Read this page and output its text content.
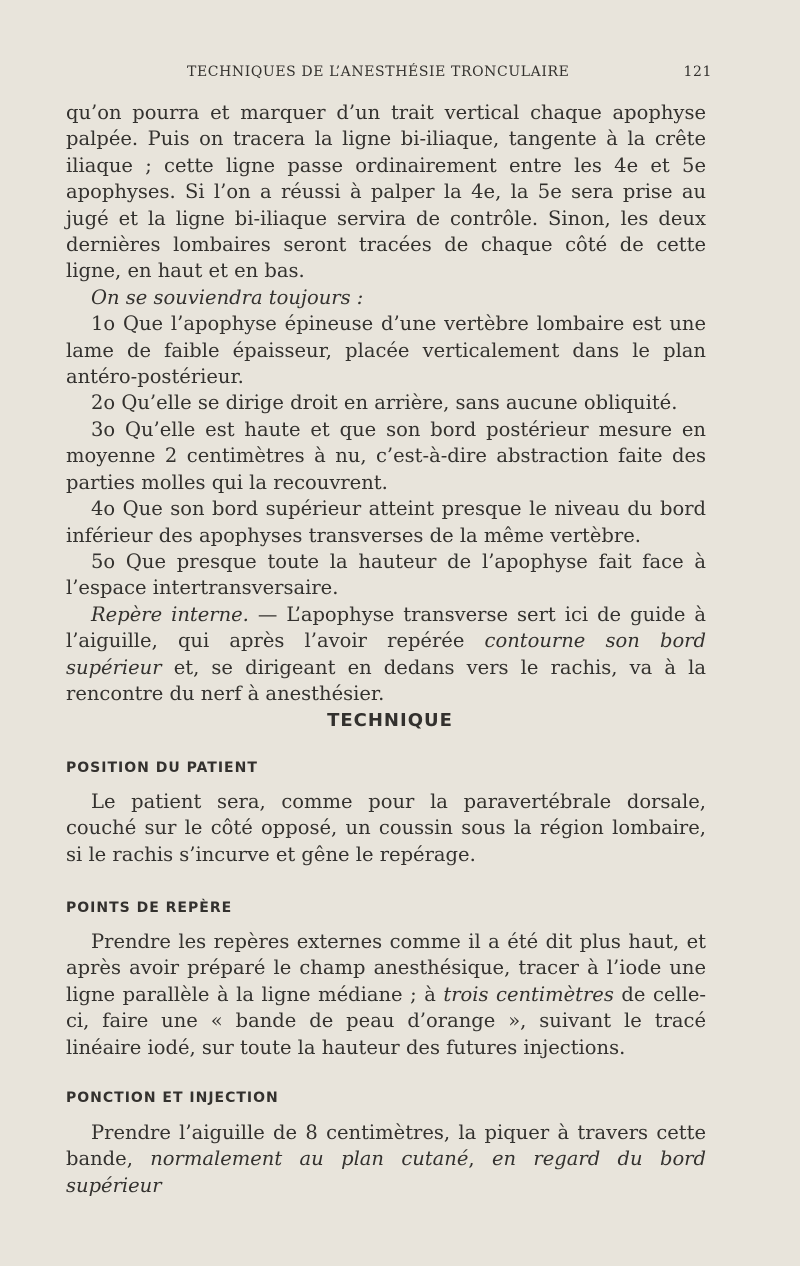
TECHNIQUES DE L’ANESTHÉSIE TRONCULAIRE	121

qu’on pourra et marquer d’un trait vertical chaque apophyse palpée. Puis on tracera la ligne bi-iliaque, tangente à la crête iliaque ; cette ligne passe ordinairement entre les 4e et 5e apophyses. Si l’on a réussi à palper la 4e, la 5e sera prise au jugé et la ligne bi-iliaque servira de contrôle. Sinon, les deux dernières lombaires seront tracées de chaque côté de cette ligne, en haut et en bas.

On se souviendra toujours :

1o Que l’apophyse épineuse d’une vertèbre lombaire est une lame de faible épaisseur, placée verticalement dans le plan antéro-postérieur.

2o Qu’elle se dirige droit en arrière, sans aucune obliquité.

3o Qu’elle est haute et que son bord postérieur mesure en moyenne 2 centimètres à nu, c’est-à-dire abstraction faite des parties molles qui la recouvrent.

4o Que son bord supérieur atteint presque le niveau du bord inférieur des apophyses transverses de la même vertèbre.

5o Que presque toute la hauteur de l’apophyse fait face à l’espace intertransversaire.

Repère interne. — L’apophyse transverse sert ici de guide à l’aiguille, qui après l’avoir repérée contourne son bord supérieur et, se dirigeant en dedans vers le rachis, va à la rencontre du nerf à anesthésier.

TECHNIQUE
POSITION DU PATIENT

Le patient sera, comme pour la paravertébrale dorsale, couché sur le côté opposé, un coussin sous la région lombaire, si le rachis s’incurve et gêne le repérage.

POINTS DE REPÈRE

Prendre les repères externes comme il a été dit plus haut, et après avoir préparé le champ anesthésique, tracer à l’iode une ligne parallèle à la ligne médiane ; à trois centimètres de celle-ci, faire une « bande de peau d’orange », suivant le tracé linéaire iodé, sur toute la hauteur des futures injections.

PONCTION ET INJECTION

Prendre l’aiguille de 8 centimètres, la piquer à travers cette bande, normalement au plan cutané, en regard du bord supérieur
